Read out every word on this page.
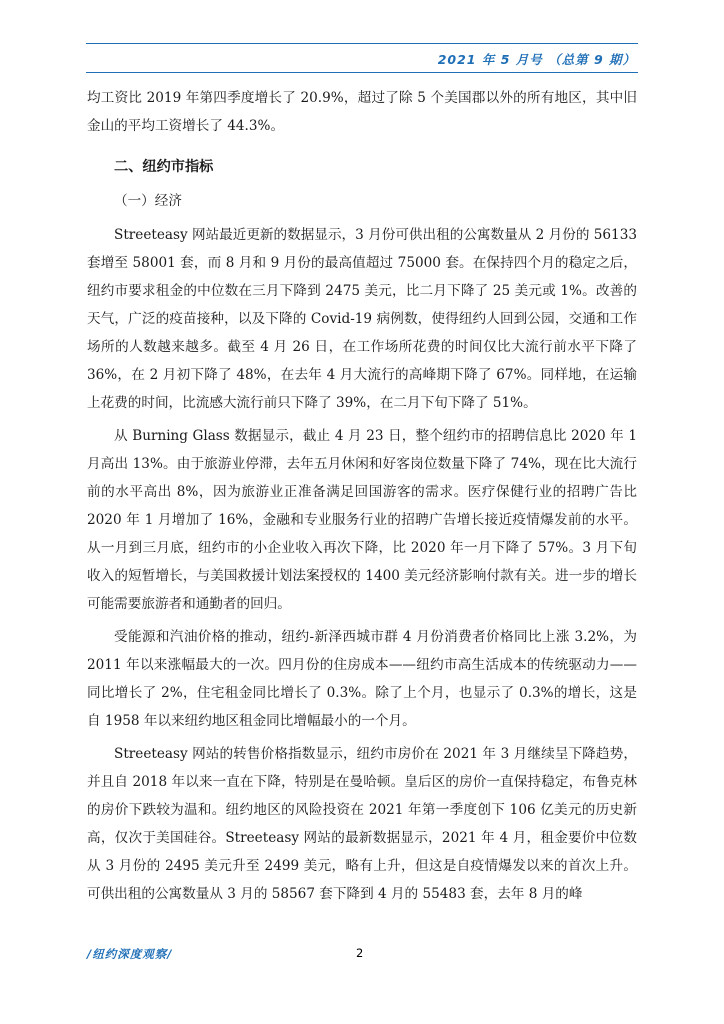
2021 年 5 月号 （总第 9 期）

均工资比 2019 年第四季度增长了 20.9%，超过了除 5 个美国郡以外的所有地区，其中旧金山的平均工资增长了 44.3%。

二、纽约市指标
（一）经济

Streeteasy 网站最近更新的数据显示，3 月份可供出租的公寓数量从 2 月份的 56133 套增至 58001 套，而 8 月和 9 月份的最高值超过 75000 套。在保持四个月的稳定之后，纽约市要求租金的中位数在三月下降到 2475 美元，比二月下降了 25 美元或 1%。改善的天气，广泛的疫苗接种，以及下降的 Covid-19 病例数，使得纽约人回到公园，交通和工作场所的人数越来越多。截至 4 月 26 日，在工作场所花费的时间仅比大流行前水平下降了 36%，在 2 月初下降了 48%，在去年 4 月大流行的高峰期下降了 67%。同样地，在运输上花费的时间，比流感大流行前只下降了 39%，在二月下旬下降了 51%。

从 Burning Glass 数据显示，截止 4 月 23 日，整个纽约市的招聘信息比 2020 年 1 月高出 13%。由于旅游业停滞，去年五月休闲和好客岗位数量下降了 74%，现在比大流行前的水平高出 8%，因为旅游业正准备满足回国游客的需求。医疗保健行业的招聘广告比 2020 年 1 月增加了 16%，金融和专业服务行业的招聘广告增长接近疫情爆发前的水平。从一月到三月底，纽约市的小企业收入再次下降，比 2020 年一月下降了 57%。3 月下旬收入的短暂增长，与美国救援计划法案授权的 1400 美元经济影响付款有关。进一步的增长可能需要旅游者和通勤者的回归。

受能源和汽油价格的推动，纽约-新泽西城市群 4 月份消费者价格同比上涨 3.2%，为 2011 年以来涨幅最大的一次。四月份的住房成本——纽约市高生活成本的传统驱动力——同比增长了 2%，住宅租金同比增长了 0.3%。除了上个月，也显示了 0.3%的增长，这是自 1958 年以来纽约地区租金同比增幅最小的一个月。

Streeteasy 网站的转售价格指数显示，纽约市房价在 2021 年 3 月继续呈下降趋势，并且自 2018 年以来一直在下降，特别是在曼哈顿。皇后区的房价一直保持稳定，布鲁克林的房价下跌较为温和。纽约地区的风险投资在 2021 年第一季度创下 106 亿美元的历史新高，仅次于美国硅谷。Streeteasy 网站的最新数据显示，2021 年 4 月，租金要价中位数从 3 月份的 2495 美元升至 2499 美元，略有上升，但这是自疫情爆发以来的首次上升。可供出租的公寓数量从 3 月的 58567 套下降到 4 月的 55483 套，去年 8 月的峰

/纽约深度观察/	2
